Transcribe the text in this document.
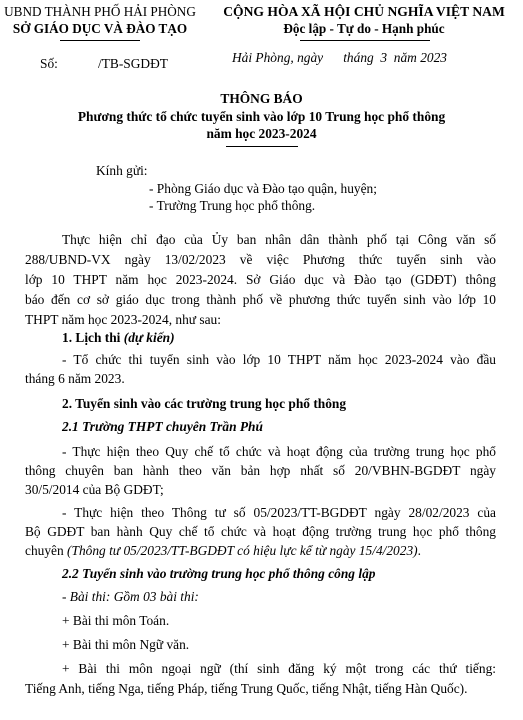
UBND THÀNH PHỐ HẢI PHÒNG
SỞ GIÁO DỤC VÀ ĐÀO TẠO
CỘNG HÒA XÃ HỘI CHỦ NGHĨA VIỆT NAM
Độc lập - Tự do - Hạnh phúc
Số:	/TB-SGDĐT	Hải Phòng, ngày      tháng  3  năm 2023
THÔNG BÁO
Phương thức tổ chức tuyển sinh vào lớp 10 Trung học phổ thông
năm học 2023-2024
Kính gửi:
- Phòng Giáo dục và Đào tạo quận, huyện;
- Trường Trung học phổ thông.
Thực hiện chỉ đạo của Ủy ban nhân dân thành phố tại Công văn số
288/UBND-VX ngày 13/02/2023 về việc Phương thức tuyển sinh vào
lớp 10 THPT năm học 2023-2024. Sở Giáo dục và Đào tạo (GDĐT) thông
báo đến cơ sở giáo dục trong thành phố về phương thức tuyển sinh vào lớp 10
THPT năm học 2023-2024, như sau:
1. Lịch thi (dự kiến)
- Tổ chức thi tuyển sinh vào lớp 10 THPT năm học 2023-2024 vào đầu
tháng 6 năm 2023.
2. Tuyển sinh vào các trường trung học phổ thông
2.1 Trường THPT chuyên Trần Phú
- Thực hiện theo Quy chế tổ chức và hoạt động của trường trung học phổ
thông chuyên ban hành theo văn bản hợp nhất số 20/VBHN-BGDĐT ngày
30/5/2014 của Bộ GDĐT;
- Thực hiện theo Thông tư số 05/2023/TT-BGDĐT ngày 28/02/2023 của
Bộ GDĐT ban hành Quy chế tổ chức và hoạt động trường trung học phổ thông
chuyên (Thông tư 05/2023/TT-BGDĐT có hiệu lực kể từ ngày 15/4/2023).
2.2 Tuyển sinh vào trường trung học phổ thông công lập
- Bài thi: Gồm 03 bài thi:
+ Bài thi môn Toán.
+ Bài thi môn Ngữ văn.
+ Bài thi môn ngoại ngữ (thí sinh đăng ký một trong các thứ tiếng:
Tiếng Anh, tiếng Nga, tiếng Pháp, tiếng Trung Quốc, tiếng Nhật, tiếng Hàn Quốc).
